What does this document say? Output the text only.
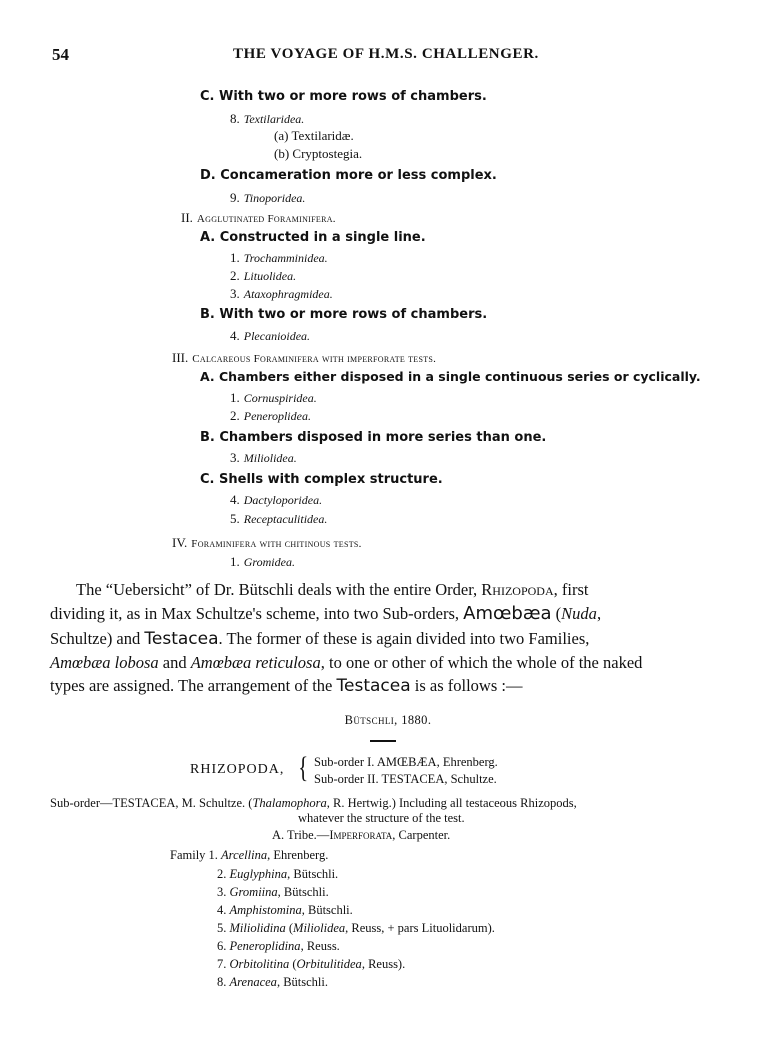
54	THE VOYAGE OF H.M.S. CHALLENGER.
C. With two or more rows of chambers.
8. Textilaridea.
(a) Textilaridæ.
(b) Cryptostegia.
D. Concameration more or less complex.
9. Tinoporidea.
II. Agglutinated Foraminifera.
A. Constructed in a single line.
1. Trochamminidea.
2. Lituolidea.
3. Ataxophragmidea.
B. With two or more rows of chambers.
4. Plecanioidea.
III. Calcareous Foraminifera with imperforate tests.
A. Chambers either disposed in a single continuous series or cyclically.
1. Cornuspiridea.
2. Peneroplidea.
B. Chambers disposed in more series than one.
3. Miliolidea.
C. Shells with complex structure.
4. Dactyloporidea.
5. Receptaculitidea.
IV. Foraminifera with chitinous tests.
1. Gromidea.
The “Uebersicht” of Dr. Bütschli deals with the entire Order, Rhizopoda, first
dividing it, as in Max Schultze's scheme, into two Sub-orders, Amœbæa (Nuda,
Schultze) and Testacea. The former of these is again divided into two Families,
Amœbæa lobosa and Amœbæa reticulosa, to one or other of which the whole of the naked
types are assigned. The arrangement of the Testacea is as follows :—
Bütschli, 1880.
RHIZOPODA, { Sub-order I. AMŒBÆA, Ehrenberg.
Sub-order II. TESTACEA, Schultze.
Sub-order—TESTACEA, M. Schultze. (Thalamophora, R. Hertwig.) Including all testaceous Rhizopods,
whatever the structure of the test.
A. Tribe.—Imperforata, Carpenter.
Family 1. Arcellina, Ehrenberg.
2. Euglyphina, Bütschli.
3. Gromiina, Bütschli.
4. Amphistomina, Bütschli.
5. Miliolidina (Miliolidea, Reuss, + pars Lituolidarum).
6. Peneroplidina, Reuss.
7. Orbitolitina (Orbitulitidea, Reuss).
8. Arenacea, Bütschli.
